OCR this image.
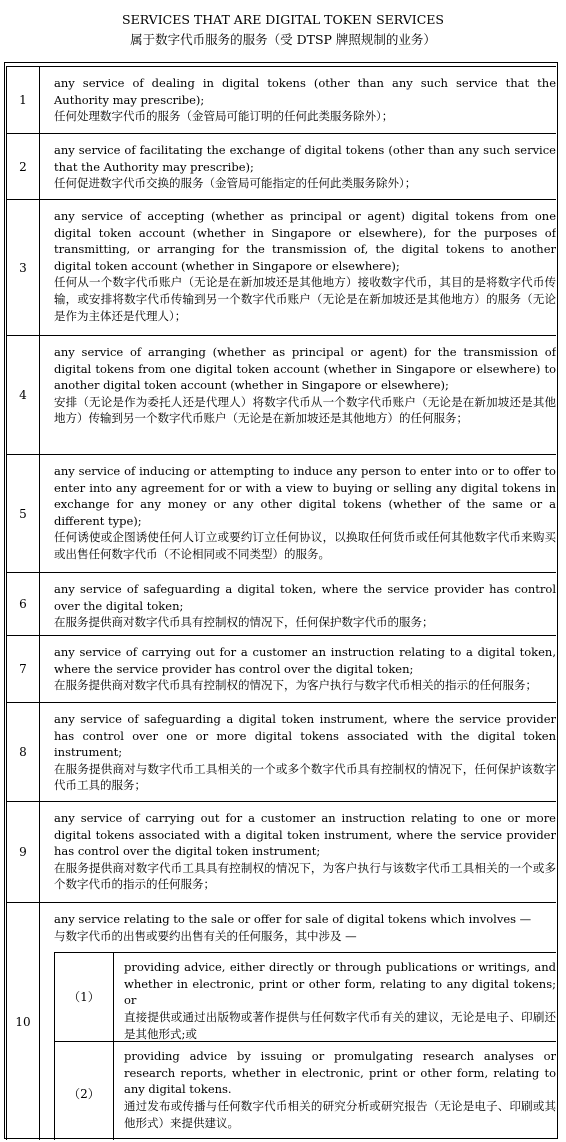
SERVICES THAT ARE DIGITAL TOKEN SERVICES
属于数字代币服务的服务（受 DTSP 牌照规制的业务）
1
any service of dealing in digital tokens (other than any such service that the Authority may prescribe);
任何处理数字代币的服务（金管局可能订明的任何此类服务除外）；
2
any service of facilitating the exchange of digital tokens (other than any such service that the Authority may prescribe);
任何促进数字代币交换的服务（金管局可能指定的任何此类服务除外）；
3
any service of accepting (whether as principal or agent) digital tokens from one digital token account (whether in Singapore or elsewhere), for the purposes of transmitting, or arranging for the transmission of, the digital tokens to another digital token account (whether in Singapore or elsewhere);
任何从一个数字代币账户（无论是在新加坡还是其他地方）接收数字代币，其目的是将数字代币传输，或安排将数字代币传输到另一个数字代币账户（无论是在新加坡还是其他地方）的服务（无论是作为主体还是代理人）；
4
any service of arranging (whether as principal or agent) for the transmission of digital tokens from one digital token account (whether in Singapore or elsewhere) to another digital token account (whether in Singapore or elsewhere);
安排（无论是作为委托人还是代理人）将数字代币从一个数字代币账户（无论是在新加坡还是其他地方）传输到另一个数字代币账户（无论是在新加坡还是其他地方）的任何服务；
5
any service of inducing or attempting to induce any person to enter into or to offer to enter into any agreement for or with a view to buying or selling any digital tokens in exchange for any money or any other digital tokens (whether of the same or a different type);
任何诱使或企图诱使任何人订立或要约订立任何协议，以换取任何货币或任何其他数字代币来购买或出售任何数字代币（不论相同或不同类型）的服务。
6
any service of safeguarding a digital token, where the service provider has control over the digital token;
在服务提供商对数字代币具有控制权的情况下，任何保护数字代币的服务；
7
any service of carrying out for a customer an instruction relating to a digital token, where the service provider has control over the digital token;
在服务提供商对数字代币具有控制权的情况下，为客户执行与数字代币相关的指示的任何服务；
8
any service of safeguarding a digital token instrument, where the service provider has control over one or more digital tokens associated with the digital token instrument;
在服务提供商对与数字代币工具相关的一个或多个数字代币具有控制权的情况下，任何保护该数字代币工具的服务；
9
any service of carrying out for a customer an instruction relating to one or more digital tokens associated with a digital token instrument, where the service provider has control over the digital token instrument;
在服务提供商对数字代币工具具有控制权的情况下，为客户执行与该数字代币工具相关的一个或多个数字代币的指示的任何服务；
10
any service relating to the sale or offer for sale of digital tokens which involves —
与数字代币的出售或要约出售有关的任何服务，其中涉及 —
（1）
providing advice, either directly or through publications or writings, and whether in electronic, print or other form, relating to any digital tokens; or
直接提供或通过出版物或著作提供与任何数字代币有关的建议，无论是电子、印刷还是其他形式;或
（2）
providing advice by issuing or promulgating research analyses or research reports, whether in electronic, print or other form, relating to any digital tokens.
通过发布或传播与任何数字代币相关的研究分析或研究报告（无论是电子、印刷或其他形式）来提供建议。
